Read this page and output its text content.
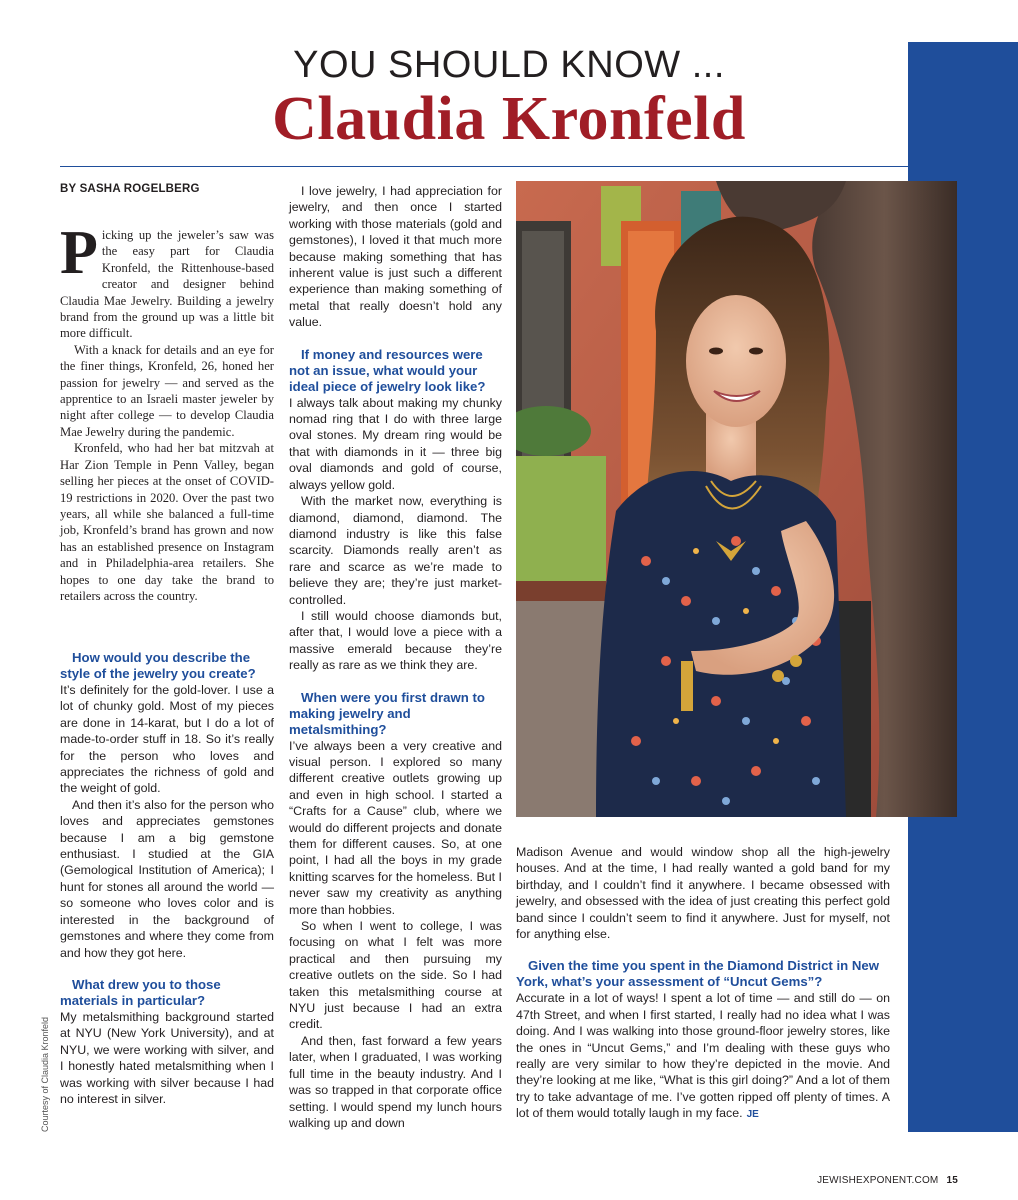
YOU SHOULD KNOW ...
Claudia Kronfeld
BY SASHA ROGELBERG

Picking up the jeweler’s saw was the easy part for Claudia Kronfeld, the Rittenhouse-based creator and designer behind Claudia Mae Jewelry. Building a jewelry brand from the ground up was a little bit more difficult.

With a knack for details and an eye for the finer things, Kronfeld, 26, honed her passion for jewelry — and served as the apprentice to an Israeli master jeweler by night after college — to develop Claudia Mae Jewelry during the pandemic.

Kronfeld, who had her bat mitzvah at Har Zion Temple in Penn Valley, began selling her pieces at the onset of COVID-19 restrictions in 2020. Over the past two years, all while she balanced a full-time job, Kronfeld’s brand has grown and now has an established presence on Instagram and in Philadelphia-area retailers. She hopes to one day take the brand to retailers across the country.

How would you describe the style of the jewelry you create?

It’s definitely for the gold-lover. I use a lot of chunky gold. Most of my pieces are done in 14-karat, but I do a lot of made-to-order stuff in 18. So it’s really for the person who loves and appreciates the richness of gold and the weight of gold.

And then it’s also for the person who loves and appreciates gemstones because I am a big gemstone enthusiast. I studied at the GIA (Gemological Institution of America); I hunt for stones all around the world — so someone who loves color and is interested in the background of gemstones and where they come from and how they got here.

What drew you to those materials in particular?

My metalsmithing background started at NYU (New York University), and at NYU, we were working with silver, and I honestly hated metalsmithing when I was working with silver because I had no interest in silver.

I love jewelry, I had appreciation for jewelry, and then once I started working with those materials (gold and gemstones), I loved it that much more because making something that has inherent value is just such a different experience than making something of metal that really doesn’t hold any value.

If money and resources were not an issue, what would your ideal piece of jewelry look like?

I always talk about making my chunky nomad ring that I do with three large oval stones. My dream ring would be that with diamonds in it — three big oval diamonds and gold of course, always yellow gold.

With the market now, everything is diamond, diamond, diamond. The diamond industry is like this false scarcity. Diamonds really aren’t as rare and scarce as we’re made to believe they are; they’re just market-controlled.

I still would choose diamonds but, after that, I would love a piece with a massive emerald because they’re really as rare as we think they are.

When were you first drawn to making jewelry and metalsmithing?

I’ve always been a very creative and visual person. I explored so many different creative outlets growing up and even in high school. I started a “Crafts for a Cause” club, where we would do different projects and donate them for different causes. So, at one point, I had all the boys in my grade knitting scarves for the homeless. But I never saw my creativity as anything more than hobbies.

So when I went to college, I was focusing on what I felt was more practical and then pursuing my creative outlets on the side. So I had taken this metalsmithing course at NYU just because I had an extra credit.

And then, fast forward a few years later, when I graduated, I was working full time in the beauty industry. And I was so trapped in that corporate office setting. I would spend my lunch hours walking up and down

Madison Avenue and would window shop all the high-jewelry houses. And at the time, I had really wanted a gold band for my birthday, and I couldn’t find it anywhere. I became obsessed with jewelry, and obsessed with the idea of just creating this perfect gold band since I couldn’t seem to find it anywhere. Just for myself, not for anything else.

Given the time you spent in the Diamond District in New York, what’s your assessment of “Uncut Gems”?

Accurate in a lot of ways! I spent a lot of time — and still do — on 47th Street, and when I first started, I really had no idea what I was doing. And I was walking into those ground-floor jewelry stores, like the ones in “Uncut Gems,” and I’m dealing with these guys who really are very similar to how they’re depicted in the movie. And they’re looking at me like, “What is this girl doing?” And a lot of them try to take advantage of me. I’ve gotten ripped off plenty of times. A lot of them would totally laugh in my face. JE

Courtesy of Claudia Kronfeld
JEWISHEXPONENT.COM 15
